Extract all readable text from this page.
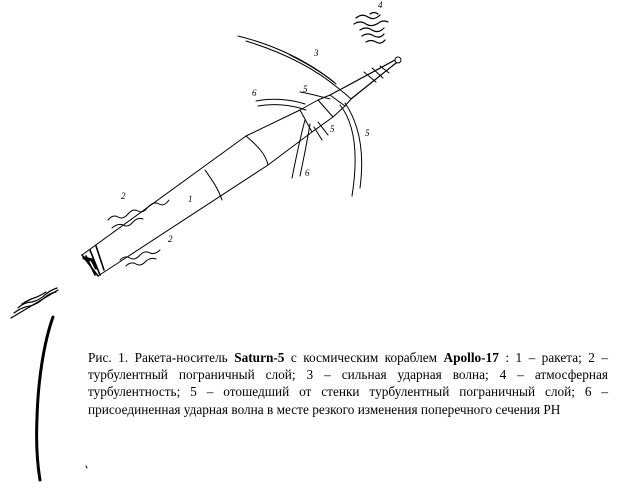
1
2
2
3
4
5
5	5
6
6

Рис. 1. Ракета-носитель Saturn-5 с космическим кораблем Apollo-17 : 1 – ракета; 2 – турбулентный пограничный слой; 3 – сильная ударная волна; 4 – атмосферная турбулентность; 5 – отошедший от стенки турбулентный пограничный слой; 6 – присоединенная ударная волна в месте резкого изменения поперечного сечения РН
